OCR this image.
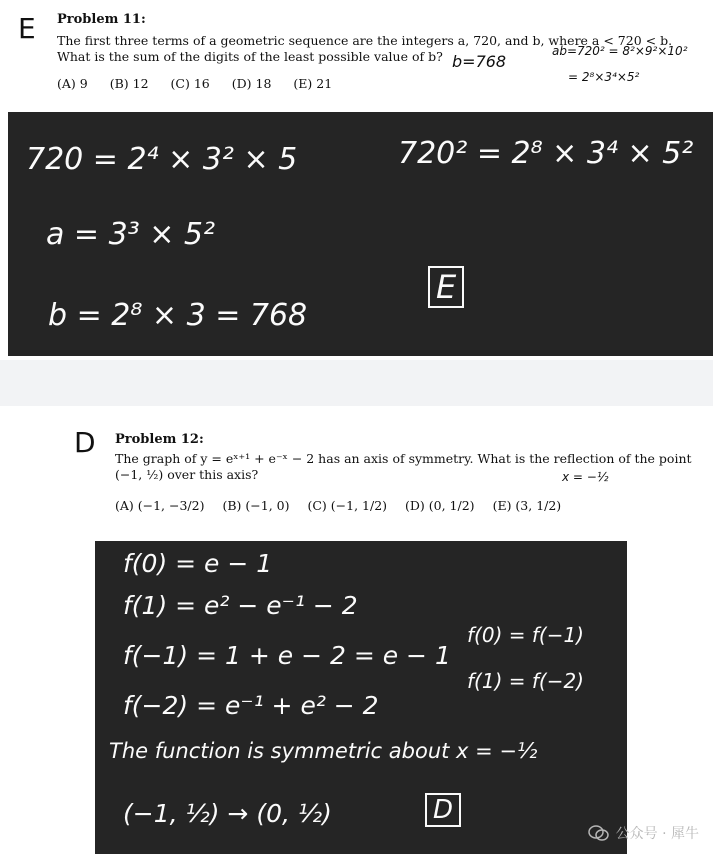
E Problem 11:
The first three terms of a geometric sequence are the integers a, 720, and b, where a < 720 < b.
What is the sum of the digits of the least possible value of b?
(A) 9 (B) 12 (C) 16 (D) 18 (E) 21
b=768
ab=720² = 8²×9²×10²
= 2⁸×3⁴×5²
720 = 2⁴ × 3² × 5	720² = 2⁸ × 3⁴ × 5²
a = 3³ × 5²
b = 2⁸ × 3 = 768
E
D Problem 12:
The graph of y = eˣ⁺¹ + e⁻ˣ − 2 has an axis of symmetry. What is the reflection of the point
(−1, ½) over this axis?	x = −½
(A) (−1, −3/2) (B) (−1, 0) (C) (−1, 1/2) (D) (0, 1/2) (E) (3, 1/2)
f(0) = e − 1
f(1) = e² − e⁻¹ − 2
f(−1) = 1 + e − 2 = e − 1
f(−2) = e⁻¹ + e² − 2
The function is symmetric about x = −½
(−1, ½) → (0, ½)
f(0) = f(−1)
f(1) = f(−2)
D
公众号 · 犀牛
